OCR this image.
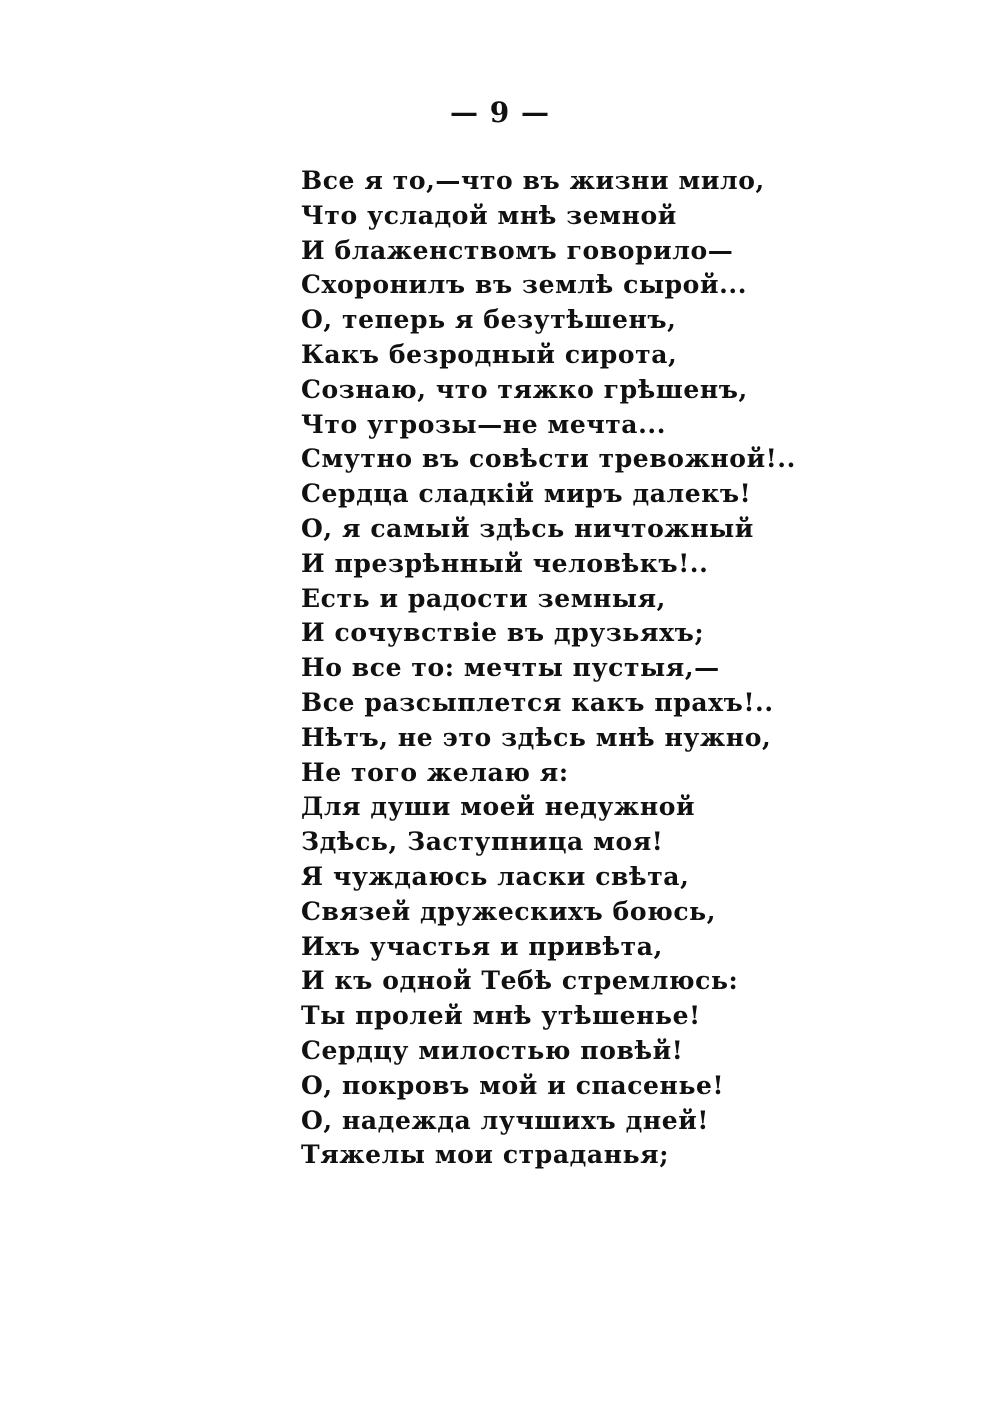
— 9 —
Все я то,—что въ жизни мило,
Что усладой мнѣ земной
И блаженствомъ говорило—
Схоронилъ въ землѣ сырой...
О, теперь я безутѣшенъ,
Какъ безродный сирота,
Сознаю, что тяжко грѣшенъ,
Что угрозы—не мечта...
Смутно въ совѣсти тревожной!..
Сердца сладкій миръ далекъ!
О, я самый здѣсь ничтожный
И презрѣнный человѣкъ!..
Есть и радости земныя,
И сочувствіе въ друзьяхъ;
Но все то: мечты пустыя,—
Все разсыплется какъ прахъ!..
Нѣтъ, не это здѣсь мнѣ нужно,
Не того желаю я:
Для души моей недужной
Здѣсь, Заступница моя!
Я чуждаюсь ласки свѣта,
Связей дружескихъ боюсь,
Ихъ участья и привѣта,
И къ одной Тебѣ стремлюсь:
Ты пролей мнѣ утѣшенье!
Сердцу милостью повѣй!
О, покровъ мой и спасенье!
О, надежда лучшихъ дней!
Тяжелы мои страданья;
